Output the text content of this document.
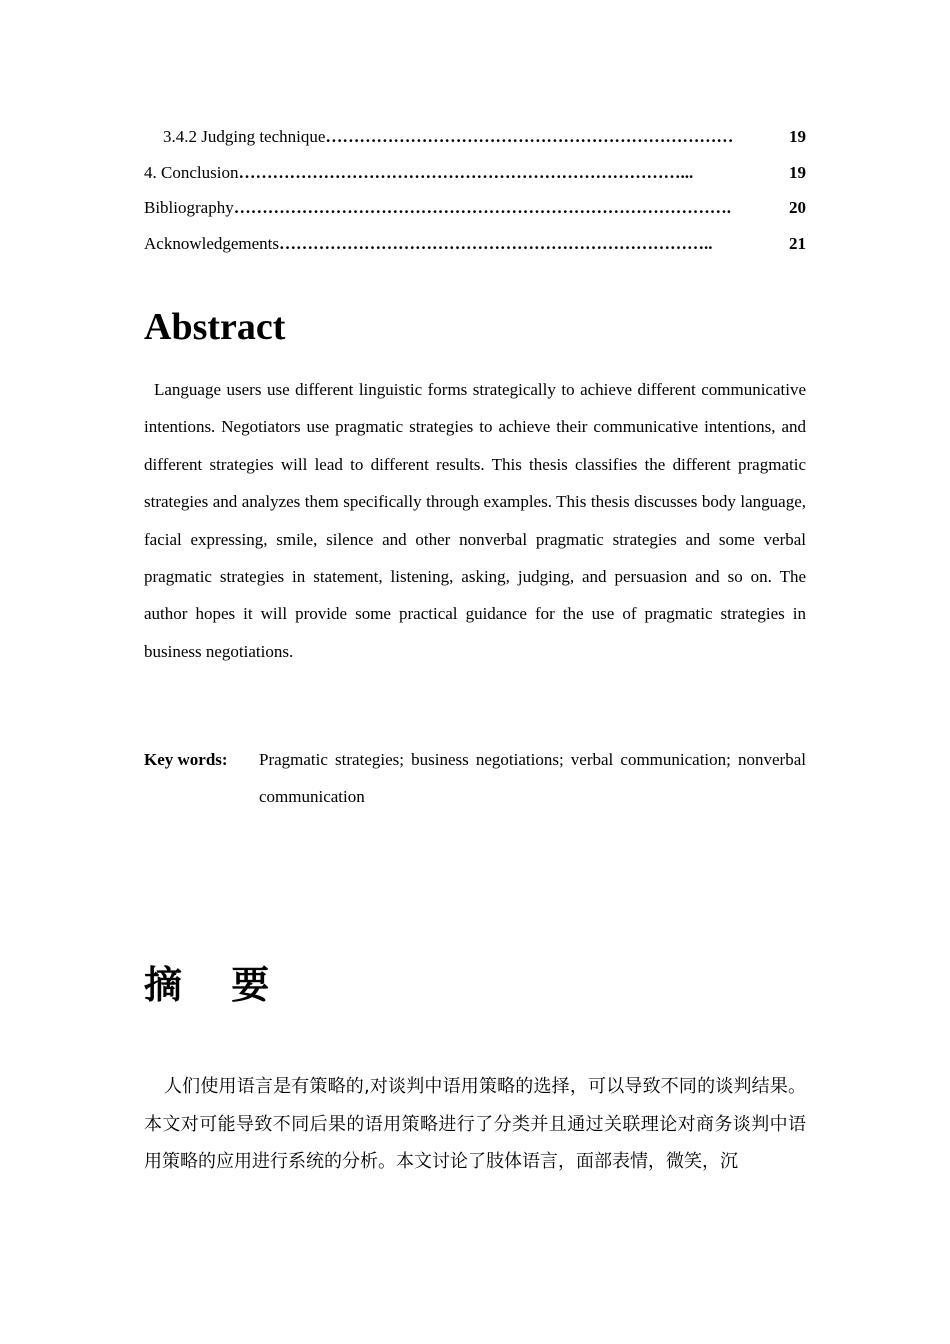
3.4.2 Judging technique ………………………………………………………………	19
4. Conclusion ……………………………………………………………………...	19
Bibliography …………………………………………………………………………….	20
Acknowledgements …………………………………………………………………..	21
Abstract

Language users use different linguistic forms strategically to achieve different communicative intentions. Negotiators use pragmatic strategies to achieve their communicative intentions, and different strategies will lead to different results. This thesis classifies the different pragmatic strategies and analyzes them specifically through examples. This thesis discusses body language, facial expressing, smile, silence and other nonverbal pragmatic strategies and some verbal pragmatic strategies in statement, listening, asking, judging, and persuasion and so on. The author hopes it will provide some practical guidance for the use of pragmatic strategies in business negotiations.

Key words:	Pragmatic strategies; business negotiations; verbal communication; nonverbal communication
摘 要

人们使用语言是有策略的,对谈判中语用策略的选择，可以导致不同的谈判结果。本文对可能导致不同后果的语用策略进行了分类并且通过关联理论对商务谈判中语用策略的应用进行系统的分析。本文讨论了肢体语言，面部表情，微笑，沉
